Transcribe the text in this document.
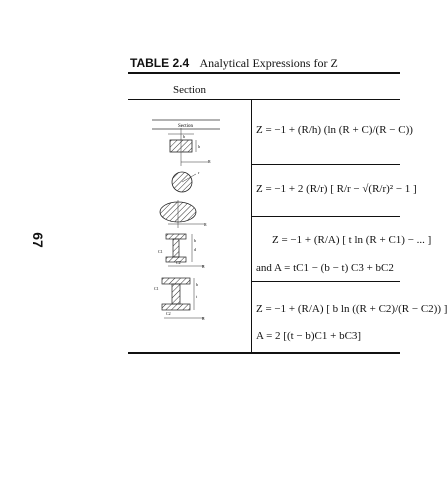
67
TABLE 2.4 Analytical Expressions for Z
Section
Section
b
h
R
r
R
b
d
C1
C2
R
b
t
C1
C2
R
Z = −1 + (R/h) (ln (R + C)/(R − C))
Z = −1 + 2 (R/r) [ R/r − √(R/r)² − 1 ]
Z = −1 + (R/A) [ t ln (R + C1) − ... ]
and A = tC1 − (b − t) C3 + bC2
Z = −1 + (R/A) [ b ln ((R + C2)/(R − C2)) ]
A = 2 [(t − b)C1 + bC3]
